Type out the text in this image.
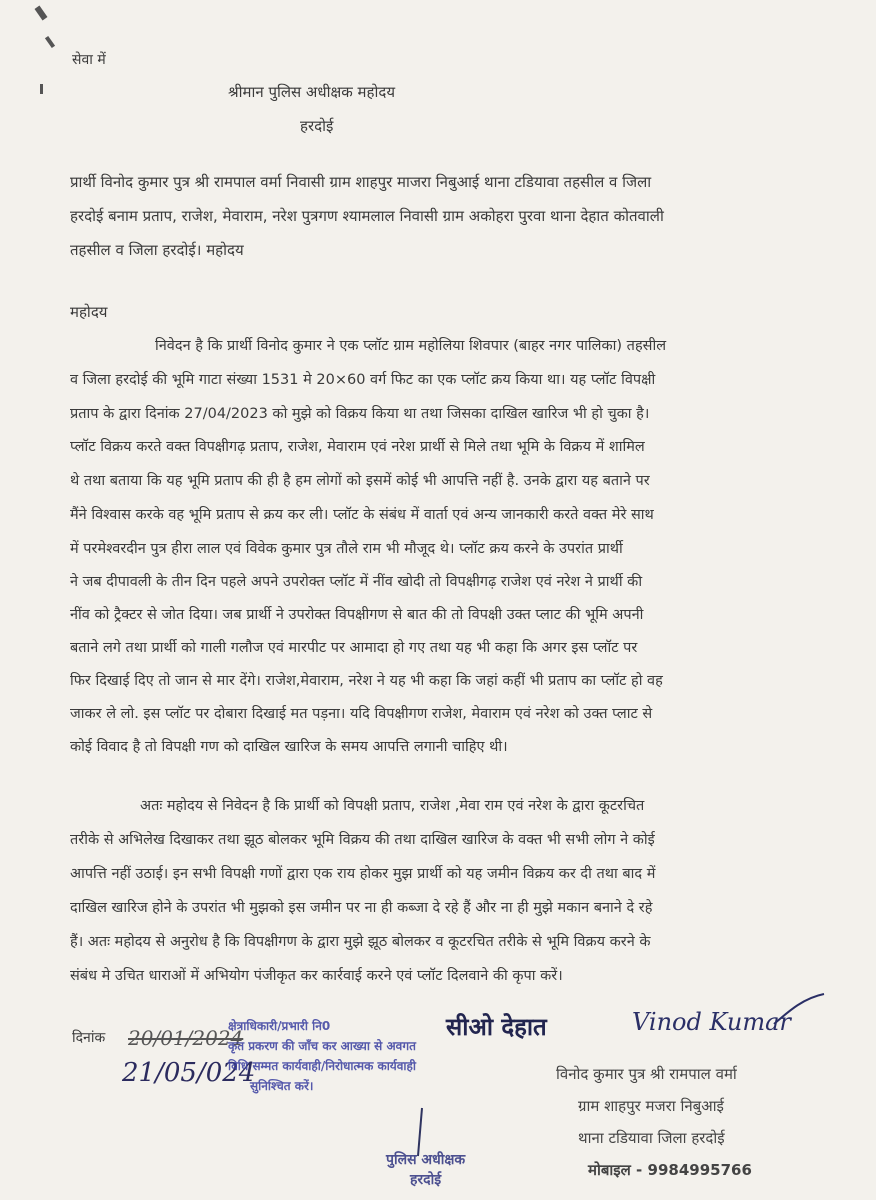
सेवा में
श्रीमान पुलिस अधीक्षक महोदय
हरदोई
प्रार्थी विनोद कुमार पुत्र श्री रामपाल वर्मा निवासी ग्राम शाहपुर माजरा निबुआई थाना टडियावा तहसील व जिला
हरदोई बनाम प्रताप, राजेश, मेवाराम, नरेश पुत्रगण श्यामलाल निवासी ग्राम अकोहरा पुरवा थाना देहात कोतवाली
तहसील व जिला हरदोई। महोदय
महोदय
निवेदन है कि प्रार्थी विनोद कुमार ने एक प्लॉट ग्राम महोलिया शिवपार (बाहर नगर पालिका) तहसील
व जिला हरदोई की भूमि गाटा संख्या 1531 मे 20×60 वर्ग फिट का एक प्लॉट क्रय किया था। यह प्लॉट विपक्षी
प्रताप के द्वारा दिनांक 27/04/2023 को मुझे को विक्रय किया था तथा जिसका दाखिल खारिज भी हो चुका है।
प्लॉट विक्रय करते वक्त विपक्षीगढ़ प्रताप, राजेश, मेवाराम एवं नरेश प्रार्थी से मिले तथा भूमि के विक्रय में शामिल
थे तथा बताया कि यह भूमि प्रताप की ही है हम लोगों को इसमें कोई भी आपत्ति नहीं है. उनके द्वारा यह बताने पर
मैंने विश्वास करके वह भूमि प्रताप से क्रय कर ली। प्लॉट के संबंध में वार्ता एवं अन्य जानकारी करते वक्त मेरे साथ
में परमेश्वरदीन पुत्र हीरा लाल एवं विवेक कुमार पुत्र तौले राम भी मौजूद थे। प्लॉट क्रय करने के उपरांत प्रार्थी
ने जब दीपावली के तीन दिन पहले अपने उपरोक्त प्लॉट में नींव खोदी तो विपक्षीगढ़ राजेश एवं नरेश ने प्रार्थी की
नींव को ट्रैक्टर से जोत दिया। जब प्रार्थी ने उपरोक्त विपक्षीगण से बात की तो विपक्षी उक्त प्लाट की भूमि अपनी
बताने लगे तथा प्रार्थी को गाली गलौज एवं मारपीट पर आमादा हो गए तथा यह भी कहा कि अगर इस प्लॉट पर
फिर दिखाई दिए तो जान से मार देंगे। राजेश,मेवाराम, नरेश ने यह भी कहा कि जहां कहीं भी प्रताप का प्लॉट हो वह
जाकर ले लो. इस प्लॉट पर दोबारा दिखाई मत पड़ना। यदि विपक्षीगण राजेश, मेवाराम एवं नरेश को उक्त प्लाट से
कोई विवाद है तो विपक्षी गण को दाखिल खारिज के समय आपत्ति लगानी चाहिए थी।
अतः महोदय से निवेदन है कि प्रार्थी को विपक्षी प्रताप, राजेश ,मेवा राम एवं नरेश के द्वारा कूटरचित
तरीके से अभिलेख दिखाकर तथा झूठ बोलकर भूमि विक्रय की तथा दाखिल खारिज के वक्त भी सभी लोग ने कोई
आपत्ति नहीं उठाई। इन सभी विपक्षी गणों द्वारा एक राय होकर मुझ प्रार्थी को यह जमीन विक्रय कर दी तथा बाद में
दाखिल खारिज होने के उपरांत भी मुझको इस जमीन पर ना ही कब्जा दे रहे हैं और ना ही मुझे मकान बनाने दे रहे
हैं। अतः महोदय से अनुरोध है कि विपक्षीगण के द्वारा मुझे झूठ बोलकर व कूटरचित तरीके से भूमि विक्रय करने के
संबंध मे उचित धाराओं में अभियोग पंजीकृत कर कार्रवाई करने एवं प्लॉट दिलवाने की कृपा करें।
दिनांक 20/01/2024
21/05/024
क्षेत्राधिकारी/प्रभारी नि0
कृत प्रकरण की जाँच कर आख्या से अवगत
विधि सम्मत कार्यवाही/निरोधात्मक कार्यवाही
सुनिश्चित करें।
सीओ देहात	Vinod Kumar
विनोद कुमार पुत्र श्री रामपाल वर्मा
ग्राम शाहपुर मजरा निबुआई
थाना टडियावा जिला हरदोई
मोबाइल - 9984995766
पुलिस अधीक्षक
हरदोई
